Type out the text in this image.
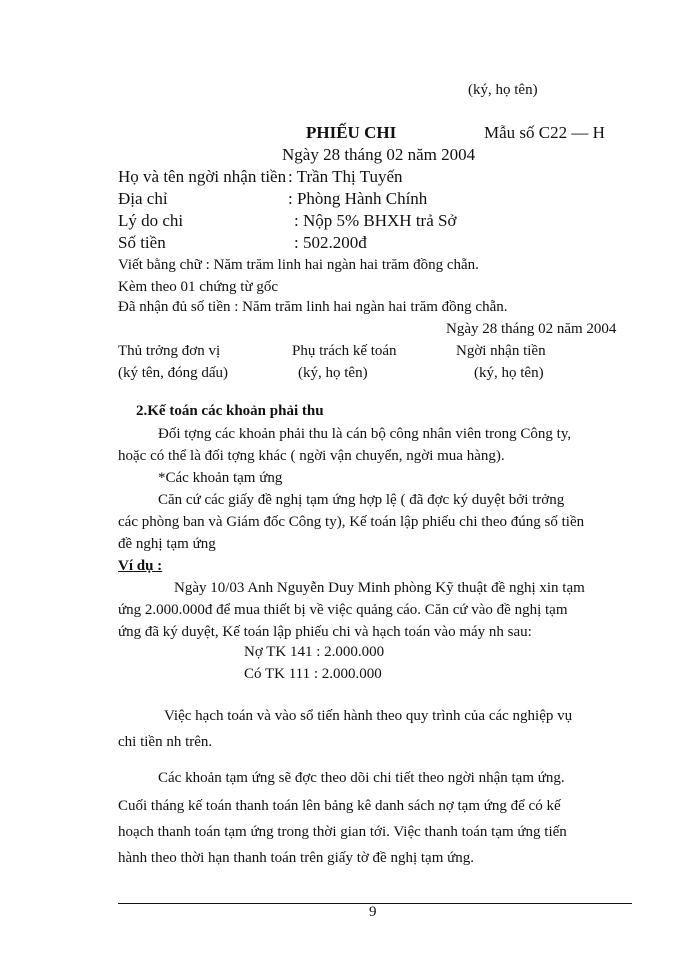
(ký, họ tên)
PHIẾU CHI	Mẫu số C22 — H
Ngày 28 tháng 02 năm 2004
Họ và tên ngời nhận tiền : Trần Thị Tuyến
Địa chỉ	: Phòng Hành Chính
Lý do chi	: Nộp 5% BHXH trả Sở
Số tiền	: 502.200đ
Viết bằng chữ : Năm trăm linh hai ngàn hai trăm đồng chẵn.
Kèm theo 01 chứng từ gốc
Đã nhận đủ số tiền : Năm trăm linh hai ngàn hai trăm đồng chẵn.
Ngày 28 tháng 02 năm 2004
Thủ trởng đơn vị	Phụ trách kế toán	Ngời nhận tiền
(ký tên, đóng dấu)	(ký, họ tên)	(ký, họ tên)
2.Kế toán các khoản phải thu
Đối tợng các khoản phải thu là cán bộ công nhân viên trong Công ty,
hoặc có thể là đối tợng khác ( ngời vận chuyển, ngời mua hàng).
*Các khoản tạm ứng
Căn cứ các giấy đề nghị tạm ứng hợp lệ ( đã đợc ký duyệt bởi trởng
các phòng ban và Giám đốc Công ty), Kế toán lập phiếu chi theo đúng số tiền
đề nghị tạm ứng
Ví dụ :
Ngày 10/03 Anh Nguyễn Duy Minh phòng Kỹ thuật đề nghị xin tạm
ứng 2.000.000đ để mua thiết bị về việc quảng cáo. Căn cứ vào đề nghị tạm
ứng đã ký duyệt, Kế toán lập phiếu chi và hạch toán vào máy nh sau:
Nợ TK 141 : 2.000.000
Có TK 111 : 2.000.000
Việc hạch toán và vào sổ tiến hành theo quy trình của các nghiệp vụ
chi tiền nh trên.
Các khoản tạm ứng sẽ đợc theo dõi chi tiết theo ngời nhận tạm ứng.
Cuối tháng kế toán thanh toán lên bảng kê danh sách nợ tạm ứng để có kế
hoạch thanh toán tạm ứng trong thời gian tới. Việc thanh toán tạm ứng tiến
hành theo thời hạn thanh toán trên giấy tờ đề nghị tạm ứng.
9
